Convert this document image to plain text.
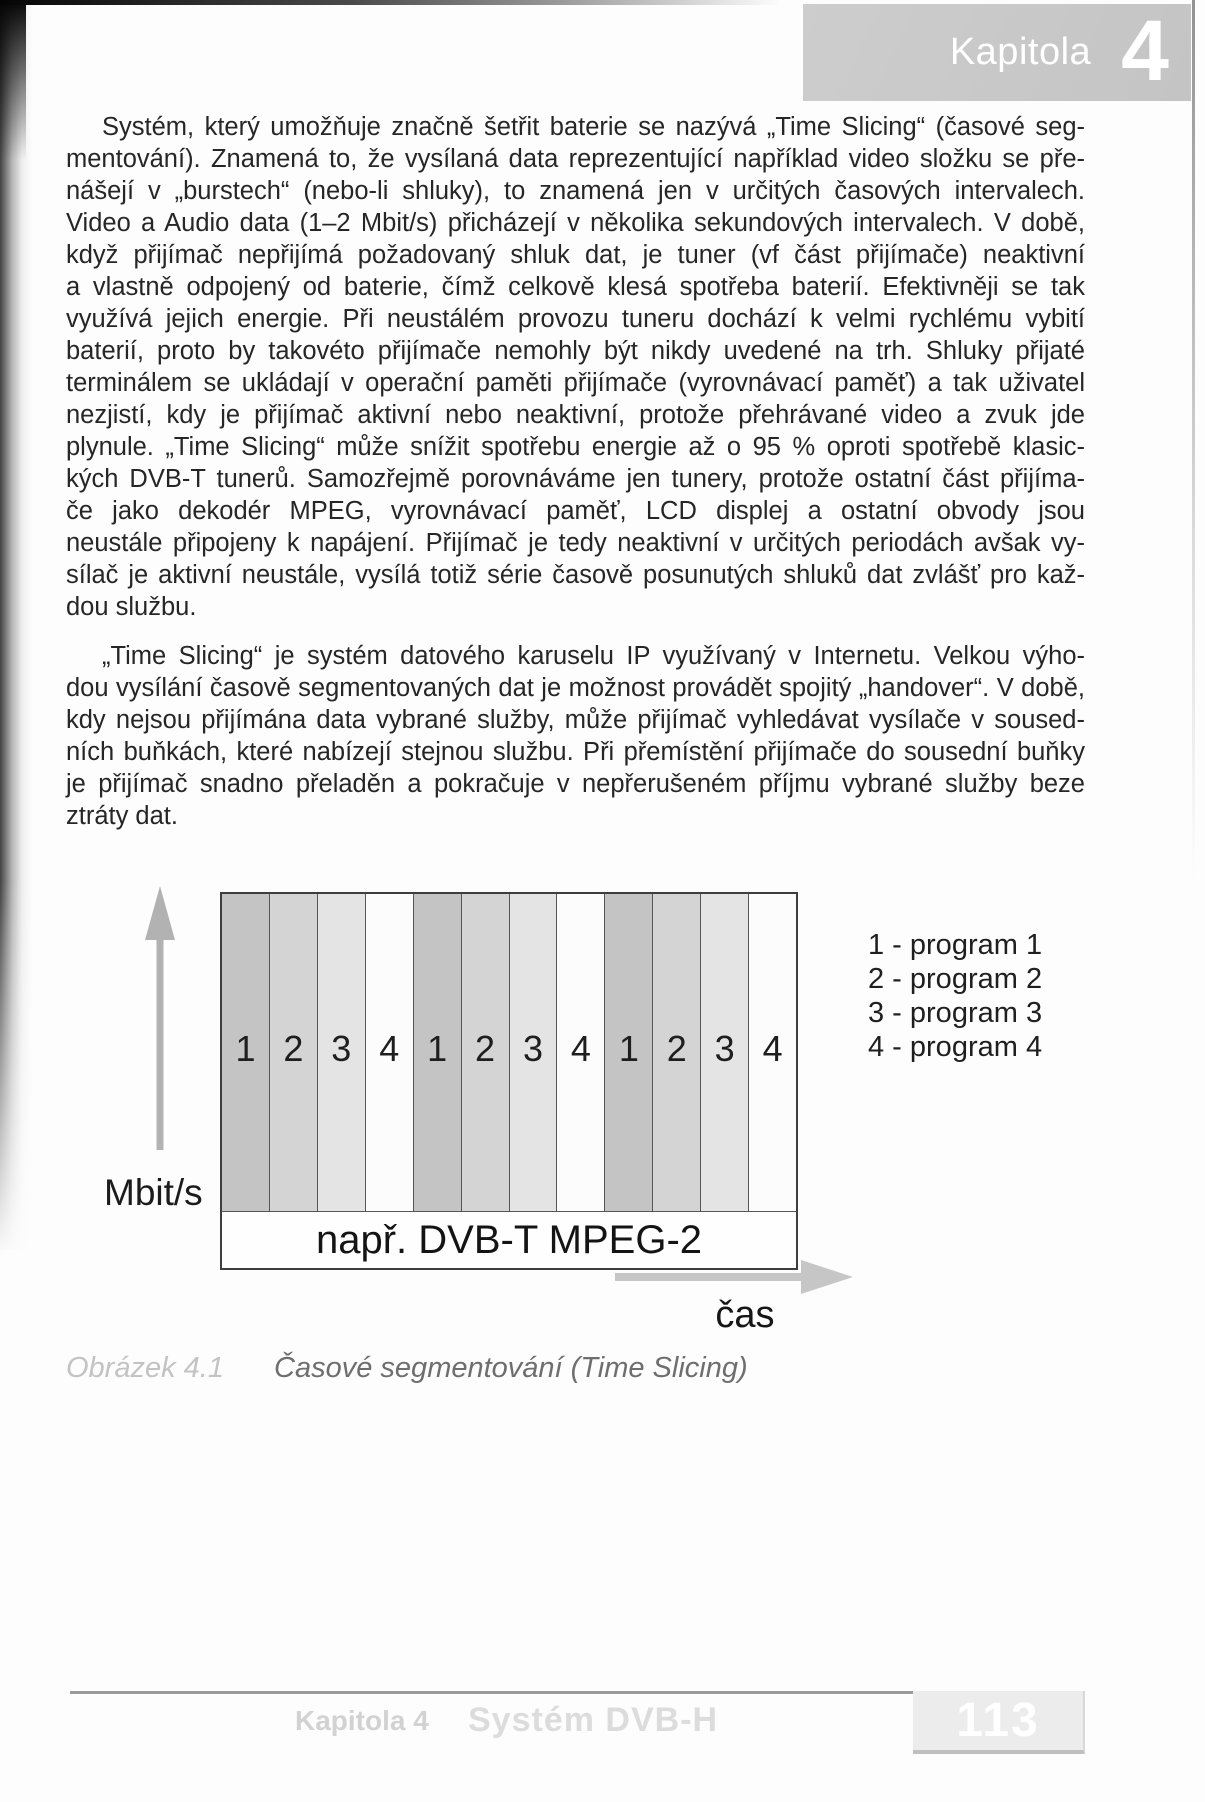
Kapitola 4
Systém, který umožňuje značně šetřit baterie se nazývá „Time Slicing“ (časové seg-
mentování). Znamená to, že vysílaná data reprezentující například video složku se pře-
nášejí v „burstech“ (nebo-li shluky), to znamená jen v určitých časových intervalech.
Video a Audio data (1–2 Mbit/s) přicházejí v několika sekundových intervalech. V době,
když přijímač nepřijímá požadovaný shluk dat, je tuner (vf část přijímače) neaktivní
a vlastně odpojený od baterie, čímž celkově klesá spotřeba baterií. Efektivněji se tak
využívá jejich energie. Při neustálém provozu tuneru dochází k velmi rychlému vybití
baterií, proto by takovéto přijímače nemohly být nikdy uvedené na trh. Shluky přijaté
terminálem se ukládají v operační paměti přijímače (vyrovnávací paměť) a tak uživatel
nezjistí, kdy je přijímač aktivní nebo neaktivní, protože přehrávané video a zvuk jde
plynule. „Time Slicing“ může snížit spotřebu energie až o 95 % oproti spotřebě klasic-
kých DVB-T tunerů. Samozřejmě porovnáváme jen tunery, protože ostatní část přijíma-
če jako dekodér MPEG, vyrovnávací paměť, LCD displej a ostatní obvody jsou
neustále připojeny k napájení. Přijímač je tedy neaktivní v určitých periodách avšak vy-
sílač je aktivní neustále, vysílá totiž série časově posunutých shluků dat zvlášť pro kaž-
dou službu.
„Time Slicing“ je systém datového karuselu IP využívaný v Internetu. Velkou výho-
dou vysílání časově segmentovaných dat je možnost provádět spojitý „handover“. V době,
kdy nejsou přijímána data vybrané služby, může přijímač vyhledávat vysílače v soused-
ních buňkách, které nabízejí stejnou službu. Při přemístění přijímače do sousední buňky
je přijímač snadno přeladěn a pokračuje v nepřerušeném příjmu vybrané služby beze
ztráty dat.
Mbit/s
1 2 3 4 1 2 3 4 1 2 3 4
např. DVB-T MPEG-2
1 - program 1
2 - program 2
3 - program 3
4 - program 4
čas
Obrázek 4.1 Časové segmentování (Time Slicing)
Kapitola 4 Systém DVB-H	113
